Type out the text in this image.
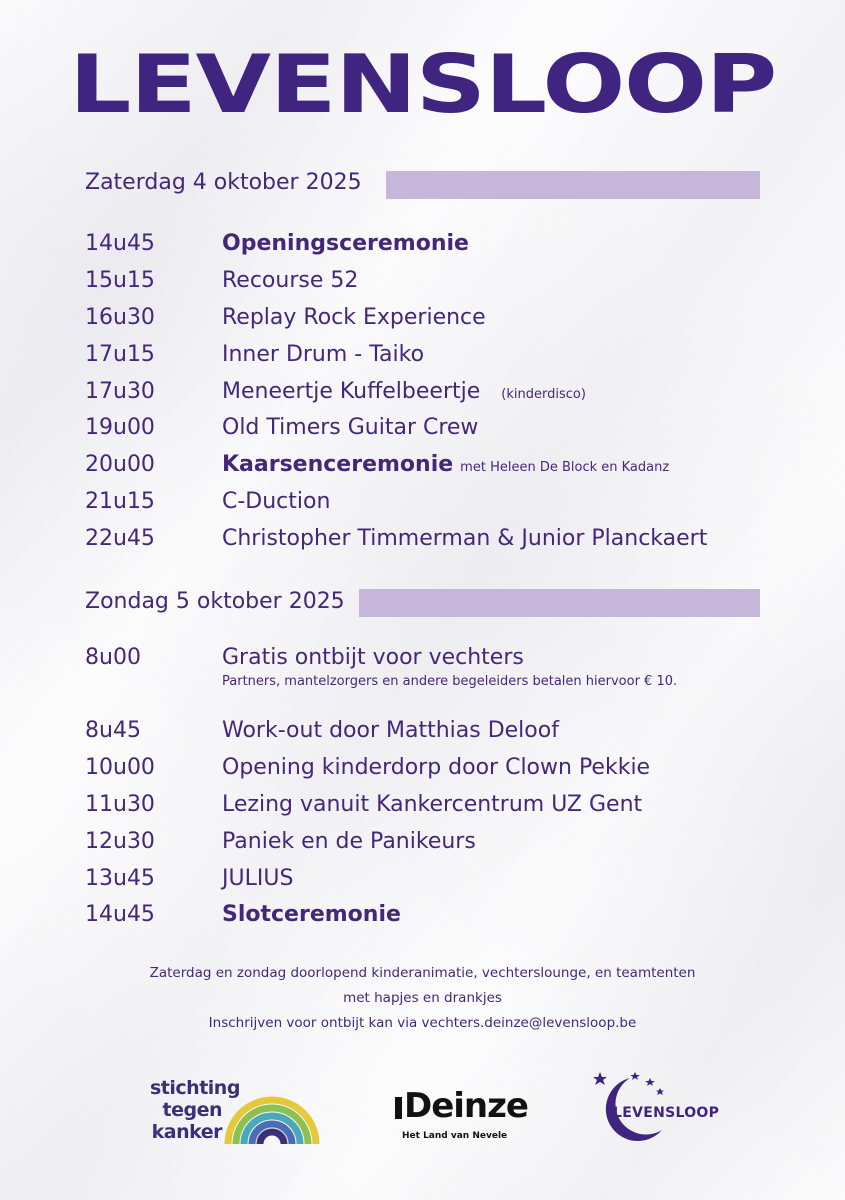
LEVENSLOOP
Zaterdag 4 oktober 2025
14u45	Openingsceremonie
15u15	Recourse 52
16u30	Replay Rock Experience
17u15	Inner Drum - Taiko
17u30	Meneertje Kuffelbeertje (kinderdisco)
19u00	Old Timers Guitar Crew
20u00	Kaarsenceremonie met Heleen De Block en Kadanz
21u15	C-Duction
22u45	Christopher Timmerman & Junior Planckaert
Zondag 5 oktober 2025
8u00	Gratis ontbijt voor vechters
Partners, mantelzorgers en andere begeleiders betalen hiervoor € 10.
8u45	Work-out door Matthias Deloof
10u00	Opening kinderdorp door Clown Pekkie
11u30	Lezing vanuit Kankercentrum UZ Gent
12u30	Paniek en de Panikeurs
13u45	JULIUS
14u45	Slotceremonie
Zaterdag en zondag doorlopend kinderanimatie, vechterslounge, en teamtenten
met hapjes en drankjes
Inschrijven voor ontbijt kan via vechters.deinze@levensloop.be
stichting
tegen
kanker
Deinze
Het Land van Nevele
LEVENSLOOP
